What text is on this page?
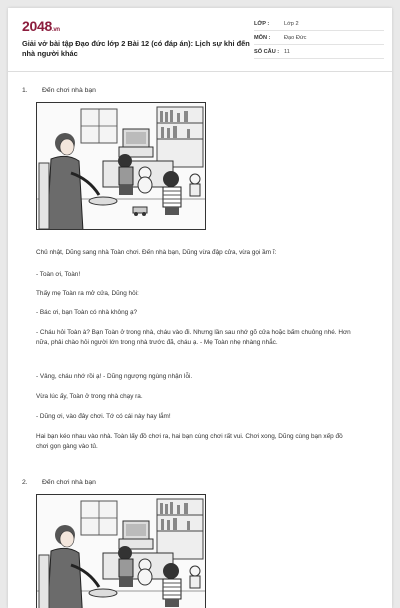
2048.vn
Giải vở bài tập Đạo đức lớp 2 Bài 12 (có đáp án): Lịch sự khi đến nhà người khác
LỚP :	Lớp 2
MÔN :	Đạo Đức
SỐ CÂU : 11
1.	Đến chơi nhà bạn
Chủ nhật, Dũng sang nhà Toàn chơi. Đến nhà bạn, Dũng vừa đập cửa, vừa gọi ầm ĩ:
- Toàn ơi, Toàn!
Thấy mẹ Toàn ra mở cửa, Dũng hỏi:
- Bác ơi, bạn Toàn có nhà không ạ?
- Cháu hỏi Toàn à? Bạn Toàn ở trong nhà, cháu vào đi. Nhưng lần sau nhớ gõ cửa hoặc bấm chuông nhé. Hơn nữa, phải chào hỏi người lớn trong nhà trước đã, cháu ạ. - Mẹ Toàn nhẹ nhàng nhắc.
- Vâng, cháu nhớ rồi ạ! - Dũng ngượng ngùng nhận lỗi.
Vừa lúc ấy, Toàn ở trong nhà chạy ra.
- Dũng ơi, vào đây chơi. Tớ có cái này hay lắm!
Hai bạn kéo nhau vào nhà. Toàn lấy đồ chơi ra, hai bạn cùng chơi rất vui. Chơi xong, Dũng cùng bạn xếp đồ chơi gọn gàng vào tủ.
2.	Đến chơi nhà bạn
